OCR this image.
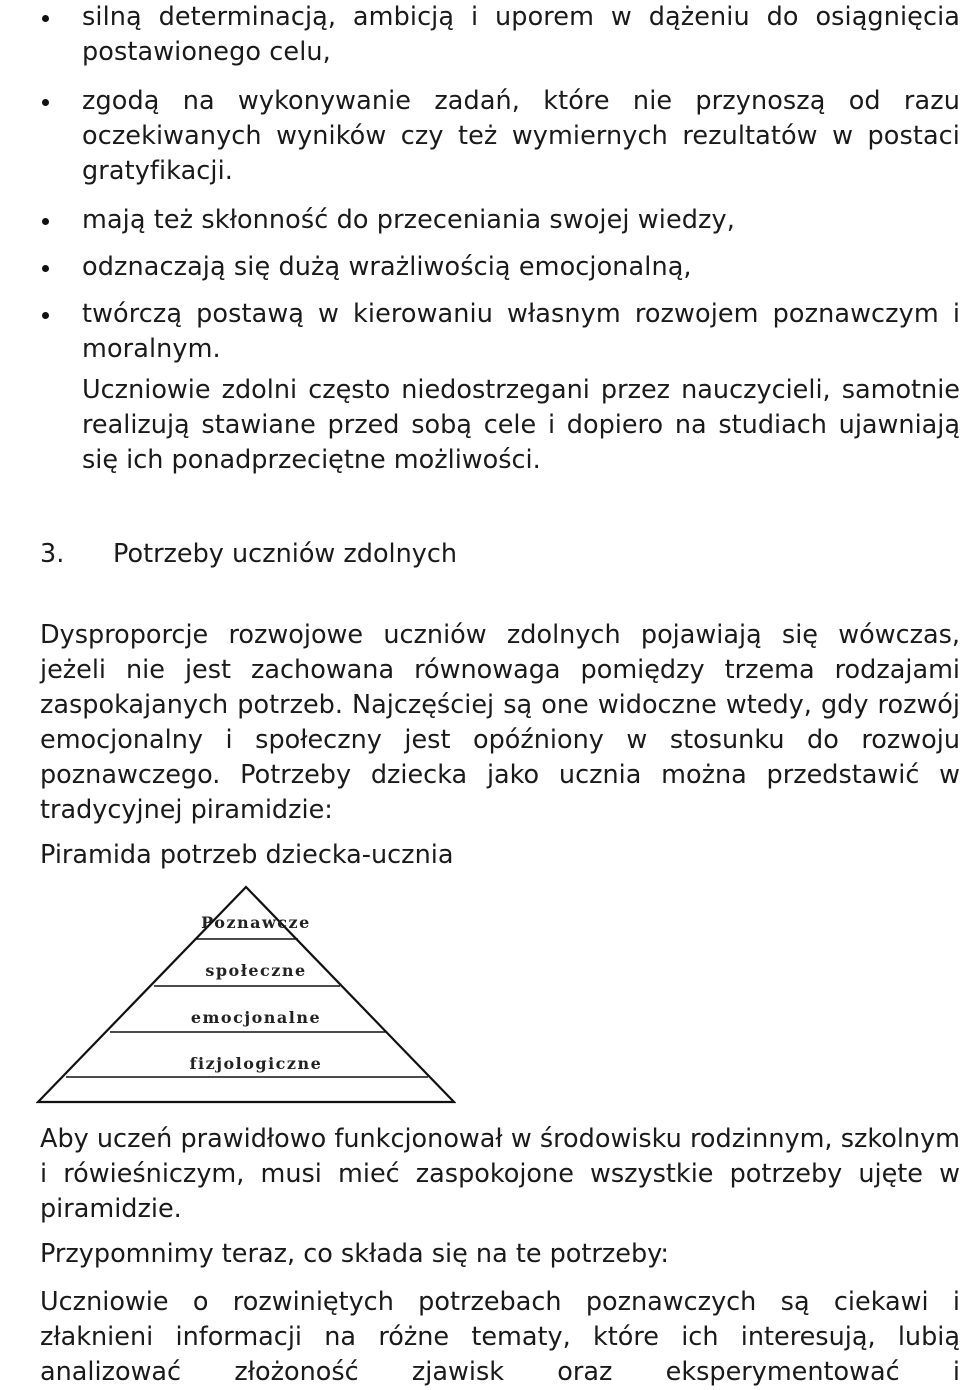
silną determinacją, ambicją i uporem w dążeniu do osiągnięcia postawionego celu,
zgodą na wykonywanie zadań, które nie przynoszą od razu oczekiwanych wyników czy też wymiernych rezultatów w postaci gratyfikacji.
mają też skłonność do przeceniania swojej wiedzy,
odznaczają się dużą wrażliwością emocjonalną,
twórczą postawą w kierowaniu własnym rozwojem poznawczym i moralnym.

Uczniowie zdolni często niedostrzegani przez nauczycieli, samotnie realizują stawiane przed sobą cele i dopiero na studiach ujawniają się ich ponadprzeciętne możliwości.

3. Potrzeby uczniów zdolnych

Dysproporcje rozwojowe uczniów zdolnych pojawiają się wówczas, jeżeli nie jest zachowana równowaga pomiędzy trzema rodzajami zaspokajanych potrzeb. Najczęściej są one widoczne wtedy, gdy rozwój emocjonalny i społeczny jest opóźniony w stosunku do rozwoju poznawczego. Potrzeby dziecka jako ucznia można przedstawić w tradycyjnej piramidzie:

Piramida potrzeb dziecka-ucznia

Poznawcze
społeczne
emocjonalne
fizjologiczne

Aby uczeń prawidłowo funkcjonował w środowisku rodzinnym, szkolnym i rówieśniczym, musi mieć zaspokojone wszystkie potrzeby ujęte w piramidzie.

Przypomnimy teraz, co składa się na te potrzeby:

Uczniowie o rozwiniętych potrzebach poznawczych są ciekawi i złaknieni informacji na różne tematy, które ich interesują, lubią analizować złożoność zjawisk oraz eksperymentować i
